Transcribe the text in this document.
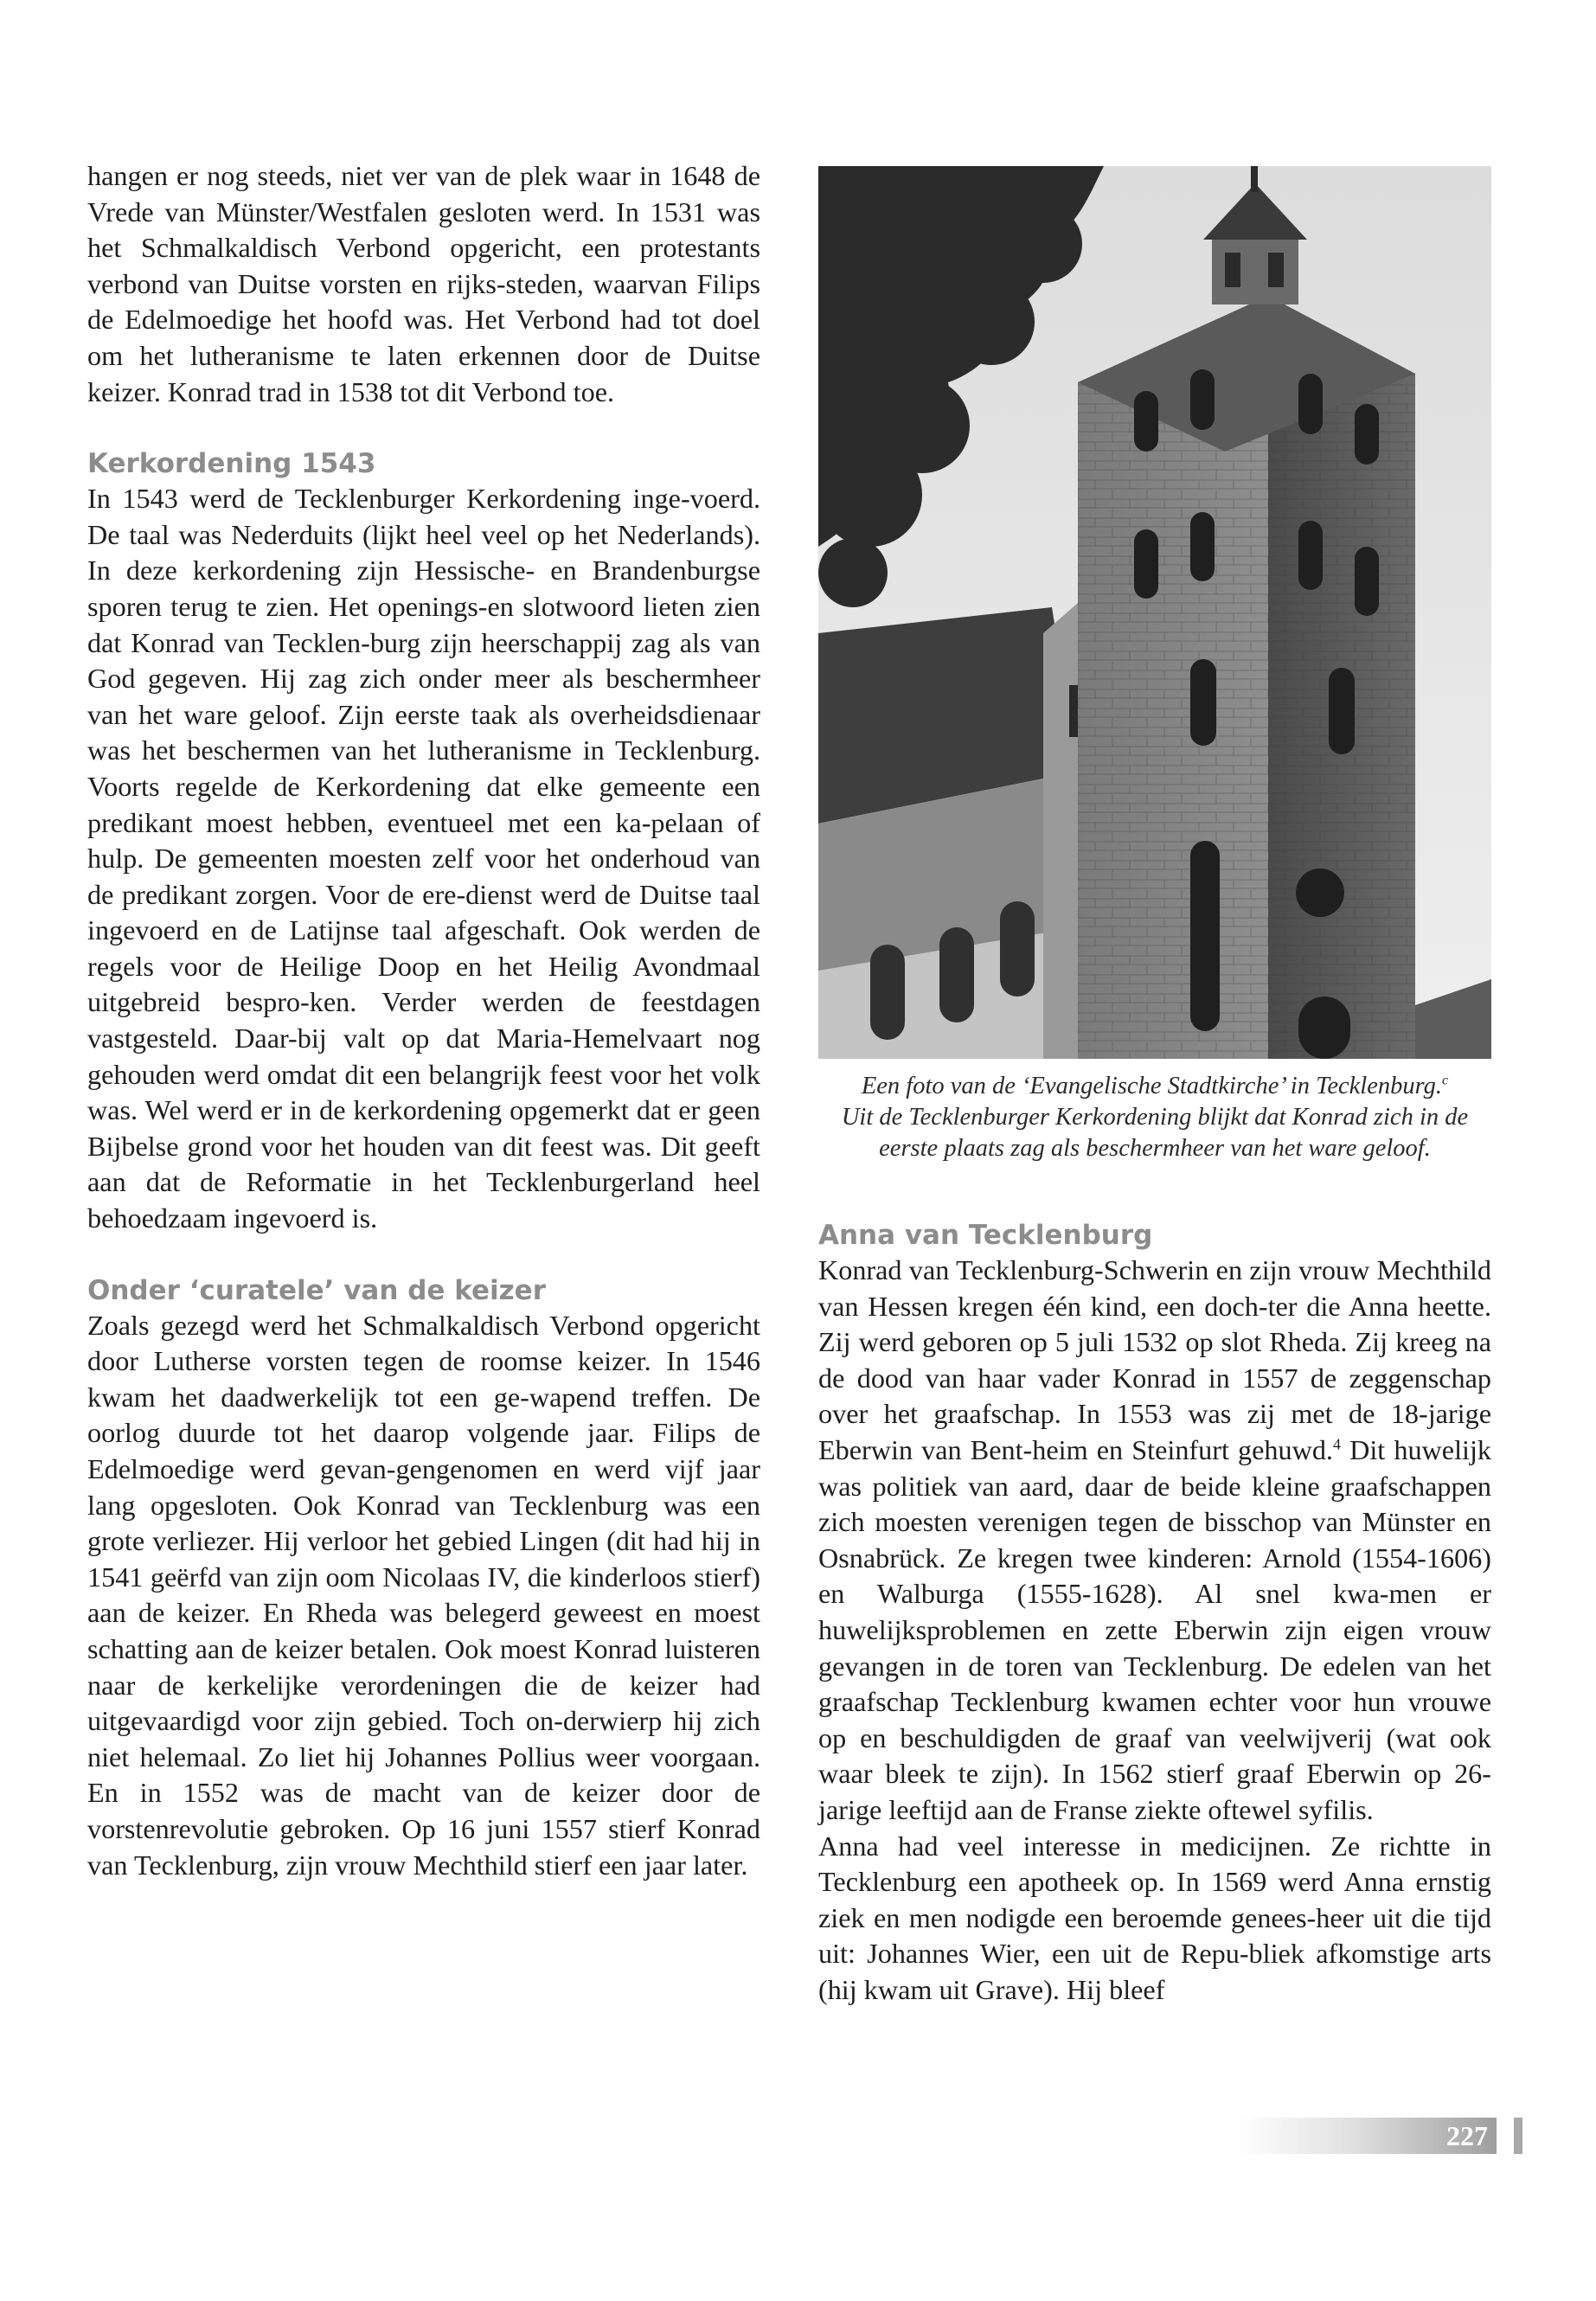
hangen er nog steeds, niet ver van de plek waar in 1648 de Vrede van Münster/Westfalen gesloten werd. In 1531 was het Schmalkaldisch Verbond opgericht, een protestants verbond van Duitse vorsten en rijks-steden, waarvan Filips de Edelmoedige het hoofd was. Het Verbond had tot doel om het lutheranisme te laten erkennen door de Duitse keizer. Konrad trad in 1538 tot dit Verbond toe.

Kerkordening 1543

In 1543 werd de Tecklenburger Kerkordening inge-voerd. De taal was Nederduits (lijkt heel veel op het Nederlands). In deze kerkordening zijn Hessische- en Brandenburgse sporen terug te zien. Het openings-en slotwoord lieten zien dat Konrad van Tecklen-burg zijn heerschappij zag als van God gegeven. Hij zag zich onder meer als beschermheer van het ware geloof. Zijn eerste taak als overheidsdienaar was het beschermen van het lutheranisme in Tecklenburg. Voorts regelde de Kerkordening dat elke gemeente een predikant moest hebben, eventueel met een ka-pelaan of hulp. De gemeenten moesten zelf voor het onderhoud van de predikant zorgen. Voor de ere-dienst werd de Duitse taal ingevoerd en de Latijnse taal afgeschaft. Ook werden de regels voor de Heilige Doop en het Heilig Avondmaal uitgebreid bespro-ken. Verder werden de feestdagen vastgesteld. Daar-bij valt op dat Maria-Hemelvaart nog gehouden werd omdat dit een belangrijk feest voor het volk was. Wel werd er in de kerkordening opgemerkt dat er geen Bijbelse grond voor het houden van dit feest was. Dit geeft aan dat de Reformatie in het Tecklenburgerland heel behoedzaam ingevoerd is.

Onder ‘curatele’ van de keizer

Zoals gezegd werd het Schmalkaldisch Verbond opgericht door Lutherse vorsten tegen de roomse keizer. In 1546 kwam het daadwerkelijk tot een ge-wapend treffen. De oorlog duurde tot het daarop volgende jaar. Filips de Edelmoedige werd gevan-gengenomen en werd vijf jaar lang opgesloten. Ook Konrad van Tecklenburg was een grote verliezer. Hij verloor het gebied Lingen (dit had hij in 1541 geërfd van zijn oom Nicolaas IV, die kinderloos stierf) aan de keizer. En Rheda was belegerd geweest en moest schatting aan de keizer betalen. Ook moest Konrad luisteren naar de kerkelijke verordeningen die de keizer had uitgevaardigd voor zijn gebied. Toch on-derwierp hij zich niet helemaal. Zo liet hij Johannes Pollius weer voorgaan. En in 1552 was de macht van de keizer door de vorstenrevolutie gebroken. Op 16 juni 1557 stierf Konrad van Tecklenburg, zijn vrouw Mechthild stierf een jaar later.

Een foto van de ‘Evangelische Stadtkirche’ in Tecklenburg.$^c$
Uit de Tecklenburger Kerkordening blijkt dat Konrad zich in de eerste plaats zag als beschermheer van het ware geloof.
Anna van Tecklenburg

Konrad van Tecklenburg-Schwerin en zijn vrouw Mechthild van Hessen kregen één kind, een doch-ter die Anna heette. Zij werd geboren op 5 juli 1532 op slot Rheda. Zij kreeg na de dood van haar vader Konrad in 1557 de zeggenschap over het graafschap. In 1553 was zij met de 18-jarige Eberwin van Bent-heim en Steinfurt gehuwd.$^4$ Dit huwelijk was politiek van aard, daar de beide kleine graafschappen zich moesten verenigen tegen de bisschop van Münster en Osnabrück. Ze kregen twee kinderen: Arnold (1554-1606) en Walburga (1555-1628). Al snel kwa-men er huwelijksproblemen en zette Eberwin zijn eigen vrouw gevangen in de toren van Tecklenburg. De edelen van het graafschap Tecklenburg kwamen echter voor hun vrouwe op en beschuldigden de graaf van veelwijverij (wat ook waar bleek te zijn). In 1562 stierf graaf Eberwin op 26-jarige leeftijd aan de Franse ziekte oftewel syfilis.

Anna had veel interesse in medicijnen. Ze richtte in Tecklenburg een apotheek op. In 1569 werd Anna ernstig ziek en men nodigde een beroemde genees-heer uit die tijd uit: Johannes Wier, een uit de Repu-bliek afkomstige arts (hij kwam uit Grave). Hij bleef

227
